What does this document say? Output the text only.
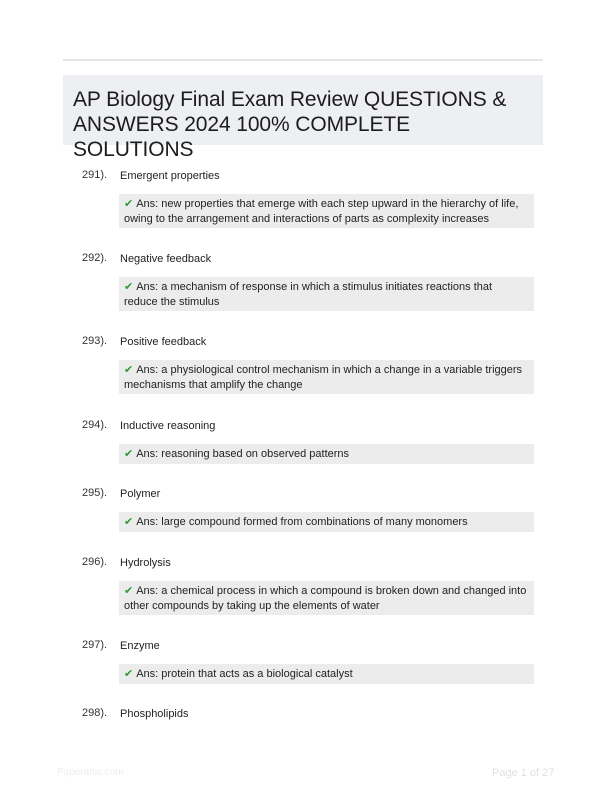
AP Biology Final Exam Review QUESTIONS & ANSWERS 2024 100% COMPLETE SOLUTIONS
291). Emergent properties
✔ Ans: new properties that emerge with each step upward in the hierarchy of life, owing to the arrangement and interactions of parts as complexity increases
292). Negative feedback
✔ Ans: a mechanism of response in which a stimulus initiates reactions that reduce the stimulus
293). Positive feedback
✔ Ans: a physiological control mechanism in which a change in a variable triggers mechanisms that amplify the change
294). Inductive reasoning
✔ Ans: reasoning based on observed patterns
295). Polymer
✔ Ans: large compound formed from combinations of many monomers
296). Hydrolysis
✔ Ans: a chemical process in which a compound is broken down and changed into other compounds by taking up the elements of water
297). Enzyme
✔ Ans: protein that acts as a biological catalyst
298). Phospholipids
Paperattic.com	Page 1 of 27
